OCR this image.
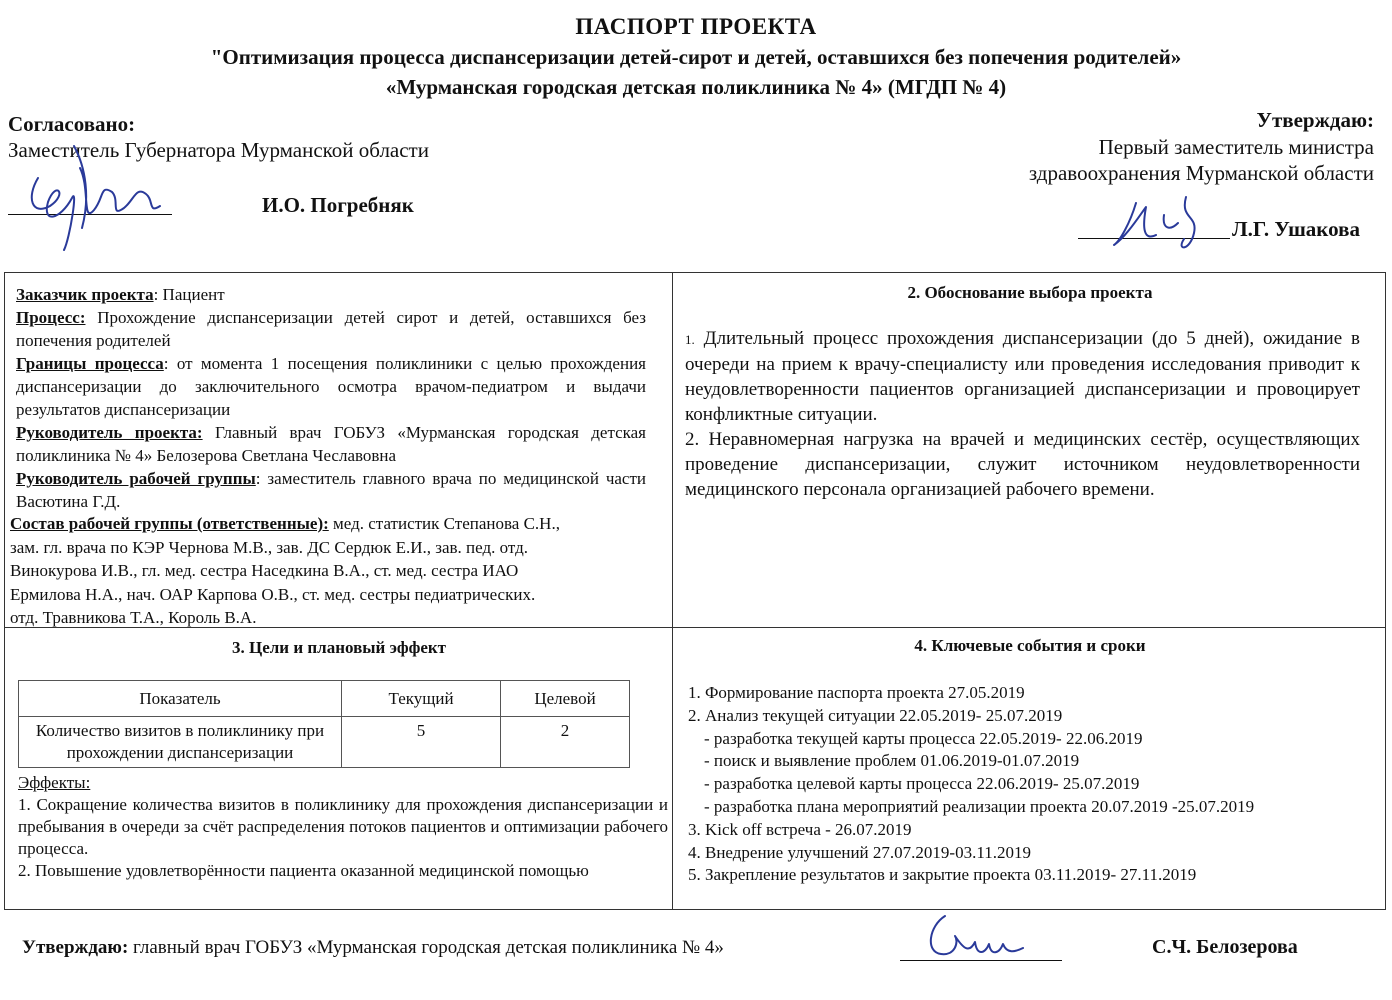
ПАСПОРТ ПРОЕКТА
"Оптимизация процесса диспансеризации детей-сирот и детей, оставшихся без попечения родителей»
«Мурманская городская детская поликлиника № 4» (МГДП № 4)
Согласовано:
Заместитель Губернатора Мурманской области
И.О. Погребняк
Утверждаю:
Первый заместитель министра
здравоохранения Мурманской области
Л.Г. Ушакова

Заказчик проекта: Пациент

Процесс: Прохождение диспансеризации детей сирот и детей, оставшихся без попечения родителей

Границы процесса: от момента 1 посещения поликлиники с целью прохождения диспансеризации до заключительного осмотра врачом-педиатром и выдачи результатов диспансеризации

Руководитель проекта: Главный врач ГОБУЗ «Мурманская городская детская поликлиника № 4» Белозерова Светлана Чеславовна

Руководитель рабочей группы: заместитель главного врача по медицинской части Васютина Г.Д.

Состав рабочей группы (ответственные): мед. статистик Степанова С.Н.,
зам. гл. врача по КЭР Чернова М.В., зав. ДС Сердюк Е.И., зав. пед. отд.
Винокурова И.В., гл. мед. сестра Наседкина В.А., ст. мед. сестра ИАО
Ермилова Н.А., нач. ОАР Карпова О.В., ст. мед. сестры педиатрических.
отд. Травникова Т.А., Король В.А.
2. Обоснование выбора проекта

1. Длительный процесс прохождения диспансеризации (до 5 дней), ожидание в очереди на прием к врачу-специалисту или проведения исследования приводит к неудовлетворенности пациентов организацией диспансеризации и провоцирует конфликтные ситуации.

2. Неравномерная нагрузка на врачей и медицинских сестёр, осуществляющих проведение диспансеризации, служит источником неудовлетворенности медицинского персонала организацией рабочего времени.

3. Цели и плановый эффект
Показатель	Текущий	Целевой
Количество визитов в поликлинику при прохождении диспансеризации	5	2
Эффекты:

1. Сокращение количества визитов в поликлинику для прохождения диспансеризации и пребывания в очереди за счёт распределения потоков пациентов и оптимизации рабочего процесса.

2. Повышение удовлетворённости пациента оказанной медицинской помощью

4. Ключевые события и сроки
1. Формирование паспорта проекта 27.05.2019
2. Анализ текущей ситуации 22.05.2019- 25.07.2019
- разработка текущей карты процесса 22.05.2019- 22.06.2019
- поиск и выявление проблем 01.06.2019-01.07.2019
- разработка целевой карты процесса 22.06.2019- 25.07.2019
- разработка плана мероприятий реализации проекта 20.07.2019 -25.07.2019
3. Kick off встреча - 26.07.2019
4. Внедрение улучшений 27.07.2019-03.11.2019
5. Закрепление результатов и закрытие проекта 03.11.2019- 27.11.2019
Утверждаю: главный врач ГОБУЗ «Мурманская городская детская поликлиника № 4»	С.Ч. Белозерова
